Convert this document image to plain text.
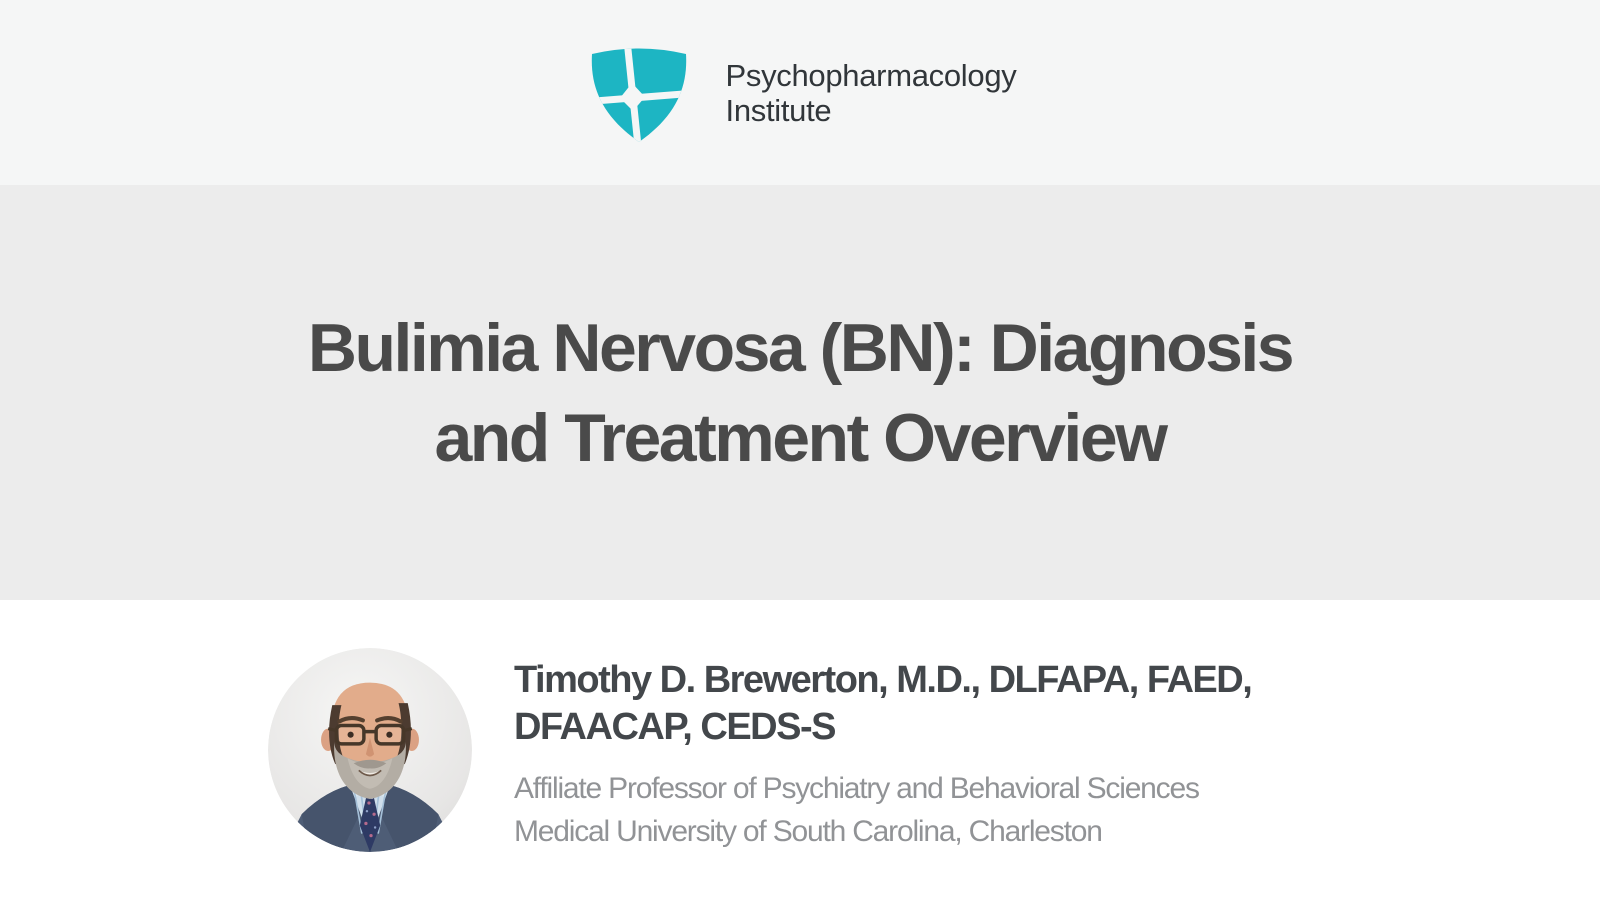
Psychopharmacology
Institute
Bulimia Nervosa (BN): Diagnosis
and Treatment Overview
Timothy D. Brewerton, M.D., DLFAPA, FAED,
DFAACAP, CEDS-S

Affiliate Professor of Psychiatry and Behavioral Sciences

Medical University of South Carolina, Charleston
